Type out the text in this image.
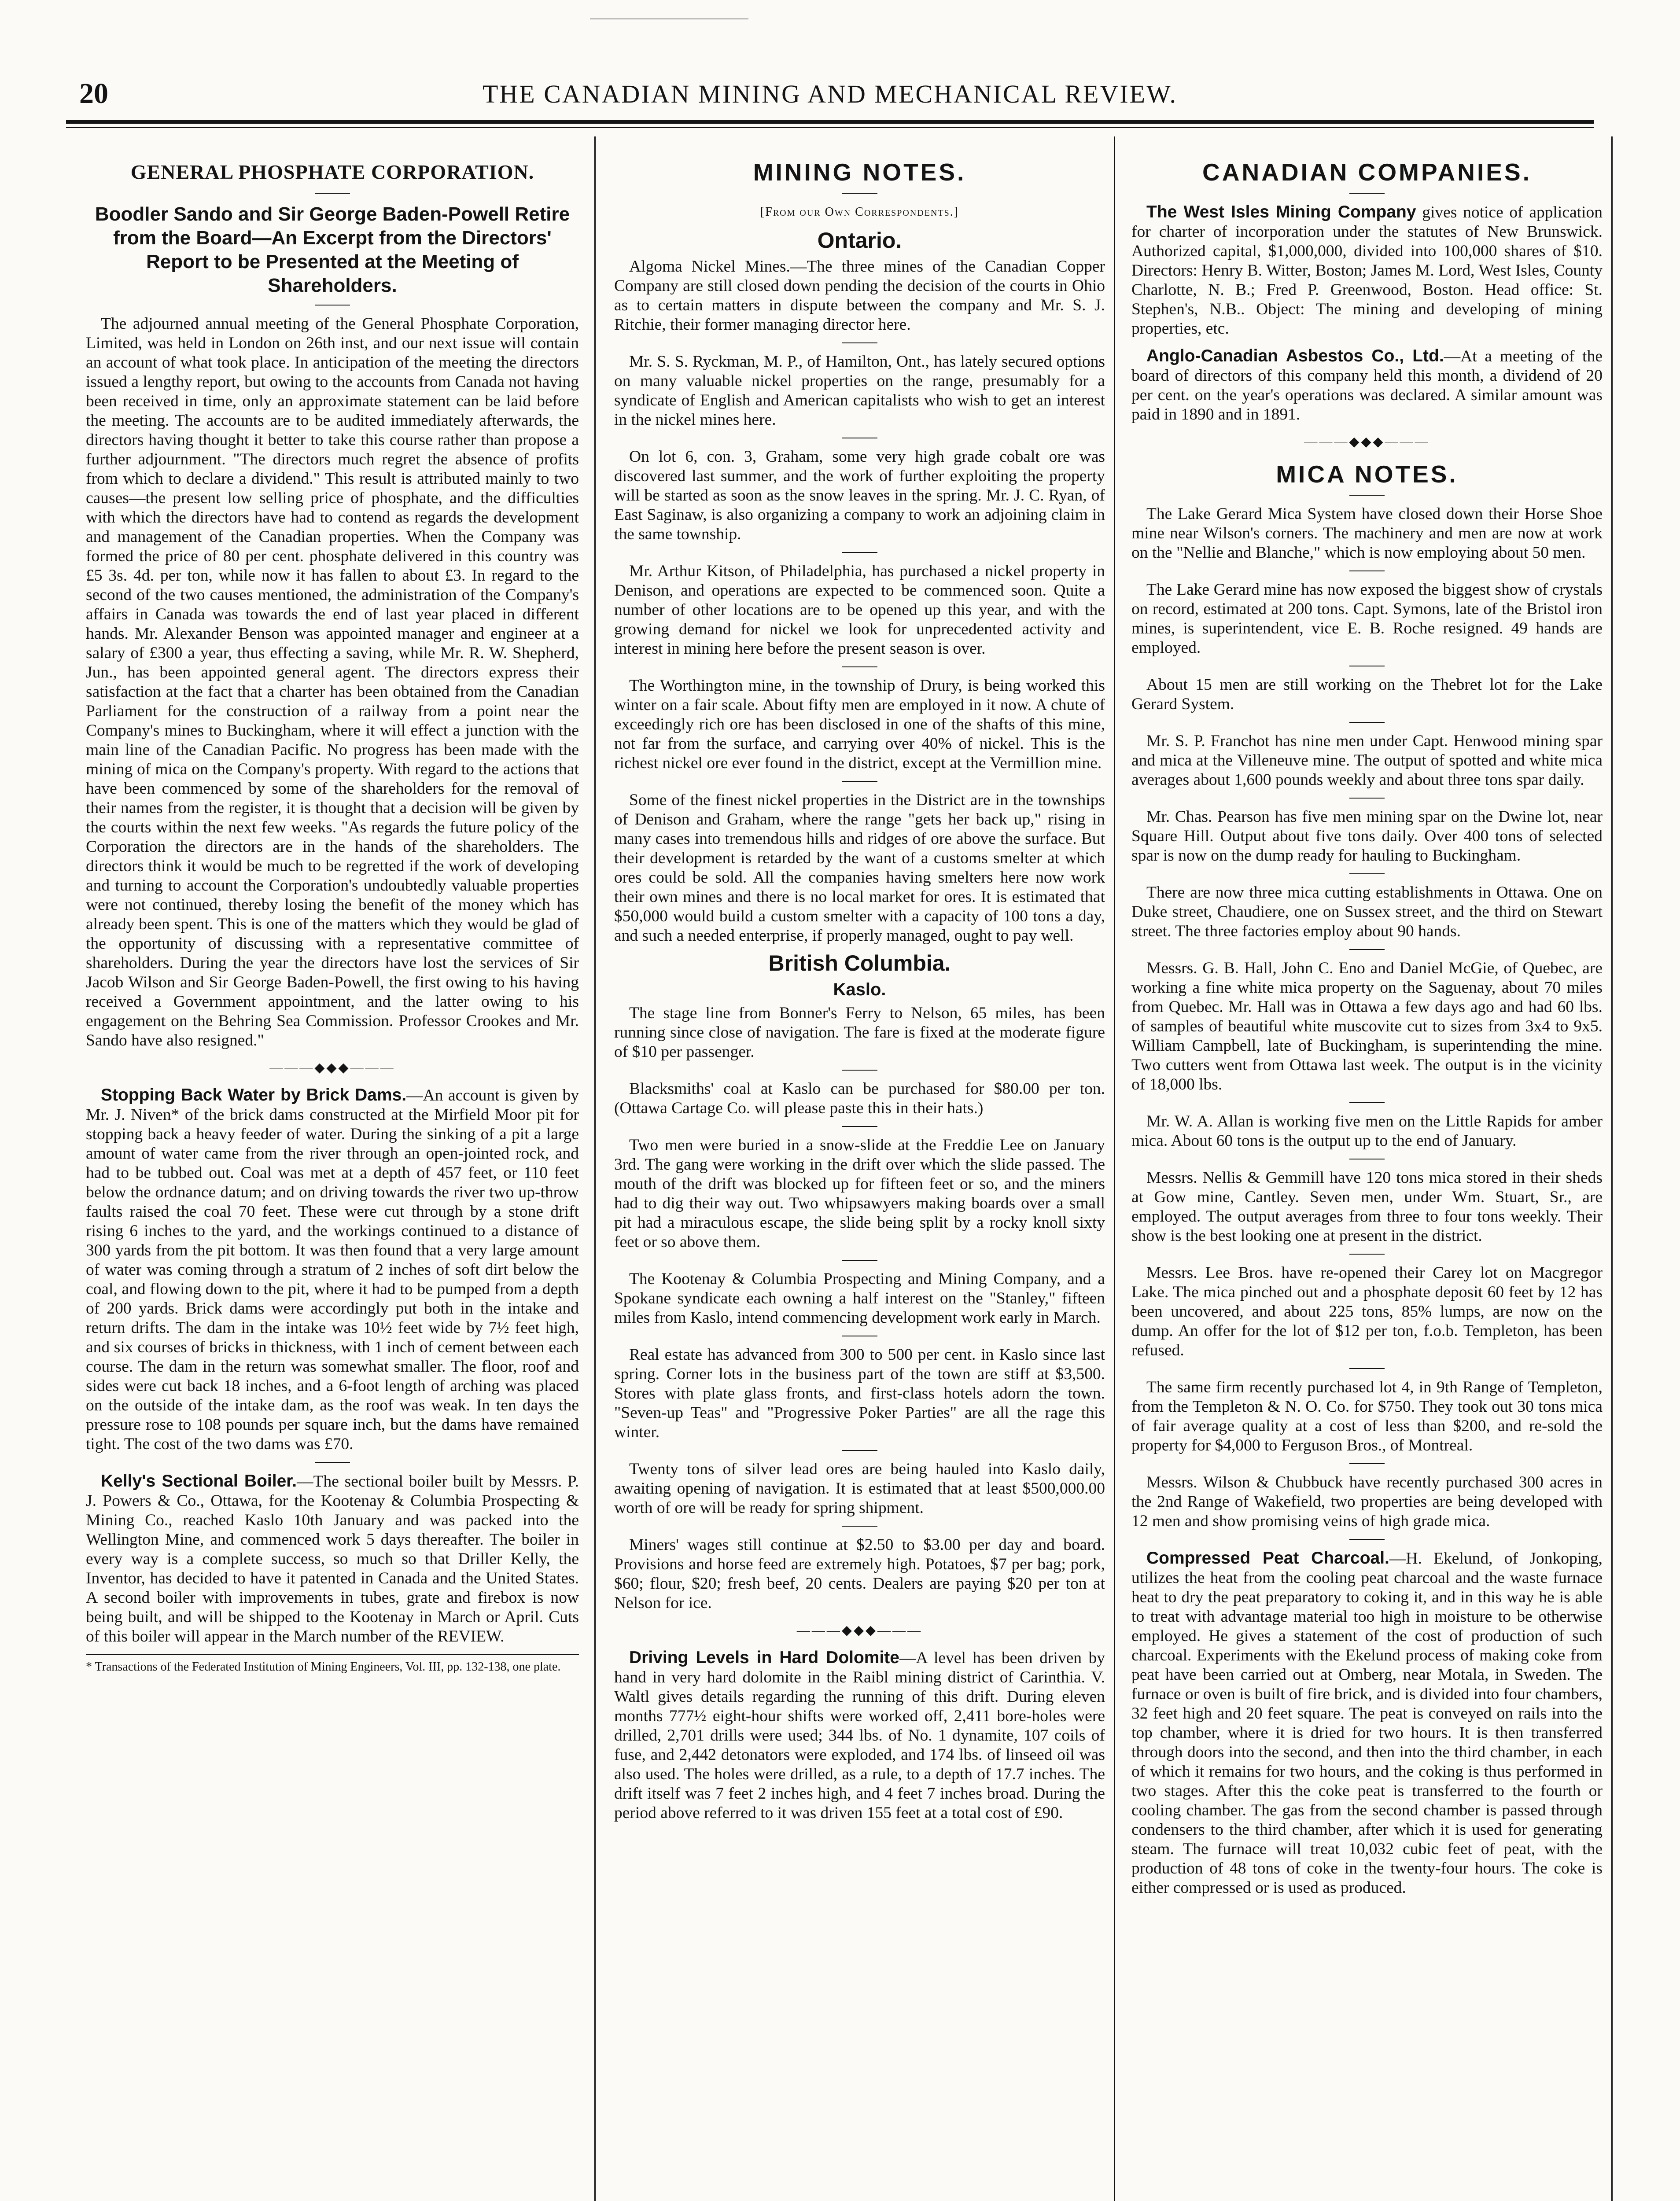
20	THE CANADIAN MINING AND MECHANICAL REVIEW.
GENERAL PHOSPHATE CORPORATION.
Boodler Sando and Sir George Baden-Powell Retire from the Board—An Excerpt from the Directors' Report to be Presented at the Meeting of Shareholders.

The adjourned annual meeting of the General Phosphate Corporation, Limited, was held in London on 26th inst, and our next issue will contain an account of what took place. In anticipation of the meeting the directors issued a lengthy report, but owing to the accounts from Canada not having been received in time, only an approximate statement can be laid before the meeting. The accounts are to be audited immediately afterwards, the directors having thought it better to take this course rather than propose a further adjournment. "The directors much regret the absence of profits from which to declare a dividend." This result is attributed mainly to two causes—the present low selling price of phosphate, and the difficulties with which the directors have had to contend as regards the development and management of the Canadian properties. When the Company was formed the price of 80 per cent. phosphate delivered in this country was £5 3s. 4d. per ton, while now it has fallen to about £3. In regard to the second of the two causes mentioned, the administration of the Company's affairs in Canada was towards the end of last year placed in different hands. Mr. Alexander Benson was appointed manager and engineer at a salary of £300 a year, thus effecting a saving, while Mr. R. W. Shepherd, Jun., has been appointed general agent. The directors express their satisfaction at the fact that a charter has been obtained from the Canadian Parliament for the construction of a railway from a point near the Company's mines to Buckingham, where it will effect a junction with the main line of the Canadian Pacific. No progress has been made with the mining of mica on the Company's property. With regard to the actions that have been commenced by some of the shareholders for the removal of their names from the register, it is thought that a decision will be given by the courts within the next few weeks. "As regards the future policy of the Corporation the directors are in the hands of the shareholders. The directors think it would be much to be regretted if the work of developing and turning to account the Corporation's undoubtedly valuable properties were not continued, thereby losing the benefit of the money which has already been spent. This is one of the matters which they would be glad of the opportunity of discussing with a representative committee of shareholders. During the year the directors have lost the services of Sir Jacob Wilson and Sir George Baden-Powell, the first owing to his having received a Government appointment, and the latter owing to his engagement on the Behring Sea Commission. Professor Crookes and Mr. Sando have also resigned."

———◆◆◆———

Stopping Back Water by Brick Dams.—An account is given by Mr. J. Niven* of the brick dams constructed at the Mirfield Moor pit for stopping back a heavy feeder of water. During the sinking of a pit a large amount of water came from the river through an open-jointed rock, and had to be tubbed out. Coal was met at a depth of 457 feet, or 110 feet below the ordnance datum; and on driving towards the river two up-throw faults raised the coal 70 feet. These were cut through by a stone drift rising 6 inches to the yard, and the workings continued to a distance of 300 yards from the pit bottom. It was then found that a very large amount of water was coming through a stratum of 2 inches of soft dirt below the coal, and flowing down to the pit, where it had to be pumped from a depth of 200 yards. Brick dams were accordingly put both in the intake and return drifts. The dam in the intake was 10½ feet wide by 7½ feet high, and six courses of bricks in thickness, with 1 inch of cement between each course. The dam in the return was somewhat smaller. The floor, roof and sides were cut back 18 inches, and a 6-foot length of arching was placed on the outside of the intake dam, as the roof was weak. In ten days the pressure rose to 108 pounds per square inch, but the dams have remained tight. The cost of the two dams was £70.

Kelly's Sectional Boiler.—The sectional boiler built by Messrs. P. J. Powers & Co., Ottawa, for the Kootenay & Columbia Prospecting & Mining Co., reached Kaslo 10th January and was packed into the Wellington Mine, and commenced work 5 days thereafter. The boiler in every way is a complete success, so much so that Driller Kelly, the Inventor, has decided to have it patented in Canada and the United States. A second boiler with improvements in tubes, grate and firebox is now being built, and will be shipped to the Kootenay in March or April. Cuts of this boiler will appear in the March number of the REVIEW.

* Transactions of the Federated Institution of Mining Engineers, Vol. III, pp. 132-138, one plate.
MINING NOTES.
[From our Own Correspondents.]
Ontario.

Algoma Nickel Mines.—The three mines of the Canadian Copper Company are still closed down pending the decision of the courts in Ohio as to certain matters in dispute between the company and Mr. S. J. Ritchie, their former managing director here.

Mr. S. S. Ryckman, M. P., of Hamilton, Ont., has lately secured options on many valuable nickel properties on the range, presumably for a syndicate of English and American capitalists who wish to get an interest in the nickel mines here.

On lot 6, con. 3, Graham, some very high grade cobalt ore was discovered last summer, and the work of further exploiting the property will be started as soon as the snow leaves in the spring. Mr. J. C. Ryan, of East Saginaw, is also organizing a company to work an adjoining claim in the same township.

Mr. Arthur Kitson, of Philadelphia, has purchased a nickel property in Denison, and operations are expected to be commenced soon. Quite a number of other locations are to be opened up this year, and with the growing demand for nickel we look for unprecedented activity and interest in mining here before the present season is over.

The Worthington mine, in the township of Drury, is being worked this winter on a fair scale. About fifty men are employed in it now. A chute of exceedingly rich ore has been disclosed in one of the shafts of this mine, not far from the surface, and carrying over 40% of nickel. This is the richest nickel ore ever found in the district, except at the Vermillion mine.

Some of the finest nickel properties in the District are in the townships of Denison and Graham, where the range "gets her back up," rising in many cases into tremendous hills and ridges of ore above the surface. But their development is retarded by the want of a customs smelter at which ores could be sold. All the companies having smelters here now work their own mines and there is no local market for ores. It is estimated that $50,000 would build a custom smelter with a capacity of 100 tons a day, and such a needed enterprise, if properly managed, ought to pay well.

British Columbia.
Kaslo.

The stage line from Bonner's Ferry to Nelson, 65 miles, has been running since close of navigation. The fare is fixed at the moderate figure of $10 per passenger.

Blacksmiths' coal at Kaslo can be purchased for $80.00 per ton. (Ottawa Cartage Co. will please paste this in their hats.)

Two men were buried in a snow-slide at the Freddie Lee on January 3rd. The gang were working in the drift over which the slide passed. The mouth of the drift was blocked up for fifteen feet or so, and the miners had to dig their way out. Two whipsawyers making boards over a small pit had a miraculous escape, the slide being split by a rocky knoll sixty feet or so above them.

The Kootenay & Columbia Prospecting and Mining Company, and a Spokane syndicate each owning a half interest on the "Stanley," fifteen miles from Kaslo, intend commencing development work early in March.

Real estate has advanced from 300 to 500 per cent. in Kaslo since last spring. Corner lots in the business part of the town are stiff at $3,500. Stores with plate glass fronts, and first-class hotels adorn the town. "Seven-up Teas" and "Progressive Poker Parties" are all the rage this winter.

Twenty tons of silver lead ores are being hauled into Kaslo daily, awaiting opening of navigation. It is estimated that at least $500,000.00 worth of ore will be ready for spring shipment.

Miners' wages still continue at $2.50 to $3.00 per day and board. Provisions and horse feed are extremely high. Potatoes, $7 per bag; pork, $60; flour, $20; fresh beef, 20 cents. Dealers are paying $20 per ton at Nelson for ice.

———◆◆◆———

Driving Levels in Hard Dolomite—A level has been driven by hand in very hard dolomite in the Raibl mining district of Carinthia. V. Waltl gives details regarding the running of this drift. During eleven months 777½ eight-hour shifts were worked off, 2,411 bore-holes were drilled, 2,701 drills were used; 344 lbs. of No. 1 dynamite, 107 coils of fuse, and 2,442 detonators were exploded, and 174 lbs. of linseed oil was also used. The holes were drilled, as a rule, to a depth of 17.7 inches. The drift itself was 7 feet 2 inches high, and 4 feet 7 inches broad. During the period above referred to it was driven 155 feet at a total cost of £90.

CANADIAN COMPANIES.

The West Isles Mining Company gives notice of application for charter of incorporation under the statutes of New Brunswick. Authorized capital, $1,000,000, divided into 100,000 shares of $10. Directors: Henry B. Witter, Boston; James M. Lord, West Isles, County Charlotte, N. B.; Fred P. Greenwood, Boston. Head office: St. Stephen's, N.B.. Object: The mining and developing of mining properties, etc.

Anglo-Canadian Asbestos Co., Ltd.—At a meeting of the board of directors of this company held this month, a dividend of 20 per cent. on the year's operations was declared. A similar amount was paid in 1890 and in 1891.

———◆◆◆———
MICA NOTES.

The Lake Gerard Mica System have closed down their Horse Shoe mine near Wilson's corners. The machinery and men are now at work on the "Nellie and Blanche," which is now employing about 50 men.

The Lake Gerard mine has now exposed the biggest show of crystals on record, estimated at 200 tons. Capt. Symons, late of the Bristol iron mines, is superintendent, vice E. B. Roche resigned. 49 hands are employed.

About 15 men are still working on the Thebret lot for the Lake Gerard System.

Mr. S. P. Franchot has nine men under Capt. Henwood mining spar and mica at the Villeneuve mine. The output of spotted and white mica averages about 1,600 pounds weekly and about three tons spar daily.

Mr. Chas. Pearson has five men mining spar on the Dwine lot, near Square Hill. Output about five tons daily. Over 400 tons of selected spar is now on the dump ready for hauling to Buckingham.

There are now three mica cutting establishments in Ottawa. One on Duke street, Chaudiere, one on Sussex street, and the third on Stewart street. The three factories employ about 90 hands.

Messrs. G. B. Hall, John C. Eno and Daniel McGie, of Quebec, are working a fine white mica property on the Saguenay, about 70 miles from Quebec. Mr. Hall was in Ottawa a few days ago and had 60 lbs. of samples of beautiful white muscovite cut to sizes from 3x4 to 9x5. William Campbell, late of Buckingham, is superintending the mine. Two cutters went from Ottawa last week. The output is in the vicinity of 18,000 lbs.

Mr. W. A. Allan is working five men on the Little Rapids for amber mica. About 60 tons is the output up to the end of January.

Messrs. Nellis & Gemmill have 120 tons mica stored in their sheds at Gow mine, Cantley. Seven men, under Wm. Stuart, Sr., are employed. The output averages from three to four tons weekly. Their show is the best looking one at present in the district.

Messrs. Lee Bros. have re-opened their Carey lot on Macgregor Lake. The mica pinched out and a phosphate deposit 60 feet by 12 has been uncovered, and about 225 tons, 85% lumps, are now on the dump. An offer for the lot of $12 per ton, f.o.b. Templeton, has been refused.

The same firm recently purchased lot 4, in 9th Range of Templeton, from the Templeton & N. O. Co. for $750. They took out 30 tons mica of fair average quality at a cost of less than $200, and re-sold the property for $4,000 to Ferguson Bros., of Montreal.

Messrs. Wilson & Chubbuck have recently purchased 300 acres in the 2nd Range of Wakefield, two properties are being developed with 12 men and show promising veins of high grade mica.

Compressed Peat Charcoal.—H. Ekelund, of Jonkoping, utilizes the heat from the cooling peat charcoal and the waste furnace heat to dry the peat preparatory to coking it, and in this way he is able to treat with advantage material too high in moisture to be otherwise employed. He gives a statement of the cost of production of such charcoal. Experiments with the Ekelund process of making coke from peat have been carried out at Omberg, near Motala, in Sweden. The furnace or oven is built of fire brick, and is divided into four chambers, 32 feet high and 20 feet square. The peat is conveyed on rails into the top chamber, where it is dried for two hours. It is then transferred through doors into the second, and then into the third chamber, in each of which it remains for two hours, and the coking is thus performed in two stages. After this the coke peat is transferred to the fourth or cooling chamber. The gas from the second chamber is passed through condensers to the third chamber, after which it is used for generating steam. The furnace will treat 10,032 cubic feet of peat, with the production of 48 tons of coke in the twenty-four hours. The coke is either compressed or is used as produced.
